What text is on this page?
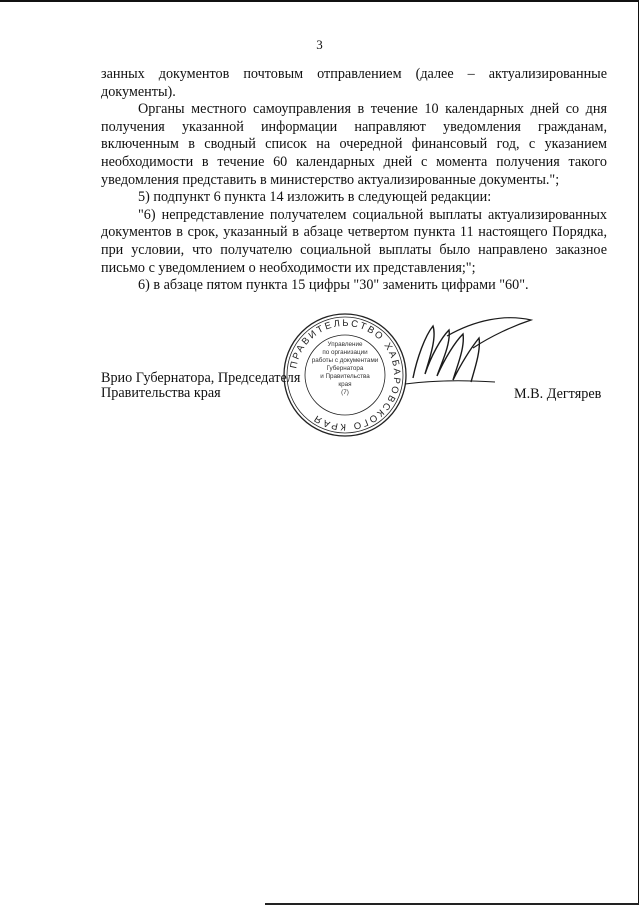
3

занных документов почтовым отправлением (далее – актуализированные документы).

Органы местного самоуправления в течение 10 календарных дней со дня получения указанной информации направляют уведомления гражданам, включенным в сводный список на очередной финансовый год, с указанием необходимости в течение 60 календарных дней с момента получения такого уведомления представить в министерство актуализированные документы.";

5) подпункт 6 пункта 14 изложить в следующей редакции:

"6) непредставление получателем социальной выплаты актуализированных документов в срок, указанный в абзаце четвертом пункта 11 настоящего Порядка, при условии, что получателю социальной выплаты было направлено заказное письмо с уведомлением о необходимости их представления;";

6) в абзаце пятом пункта 15 цифры "30" заменить цифрами "60".

ПРАВИТЕЛЬСТВО ХАБАРОВСКОГО КРАЯ
Управление
по организации
работы с документами
Губернатора
и Правительства
края
(7)
Врио Губернатора, Председателя
Правительства края	М.В. Дегтярев
